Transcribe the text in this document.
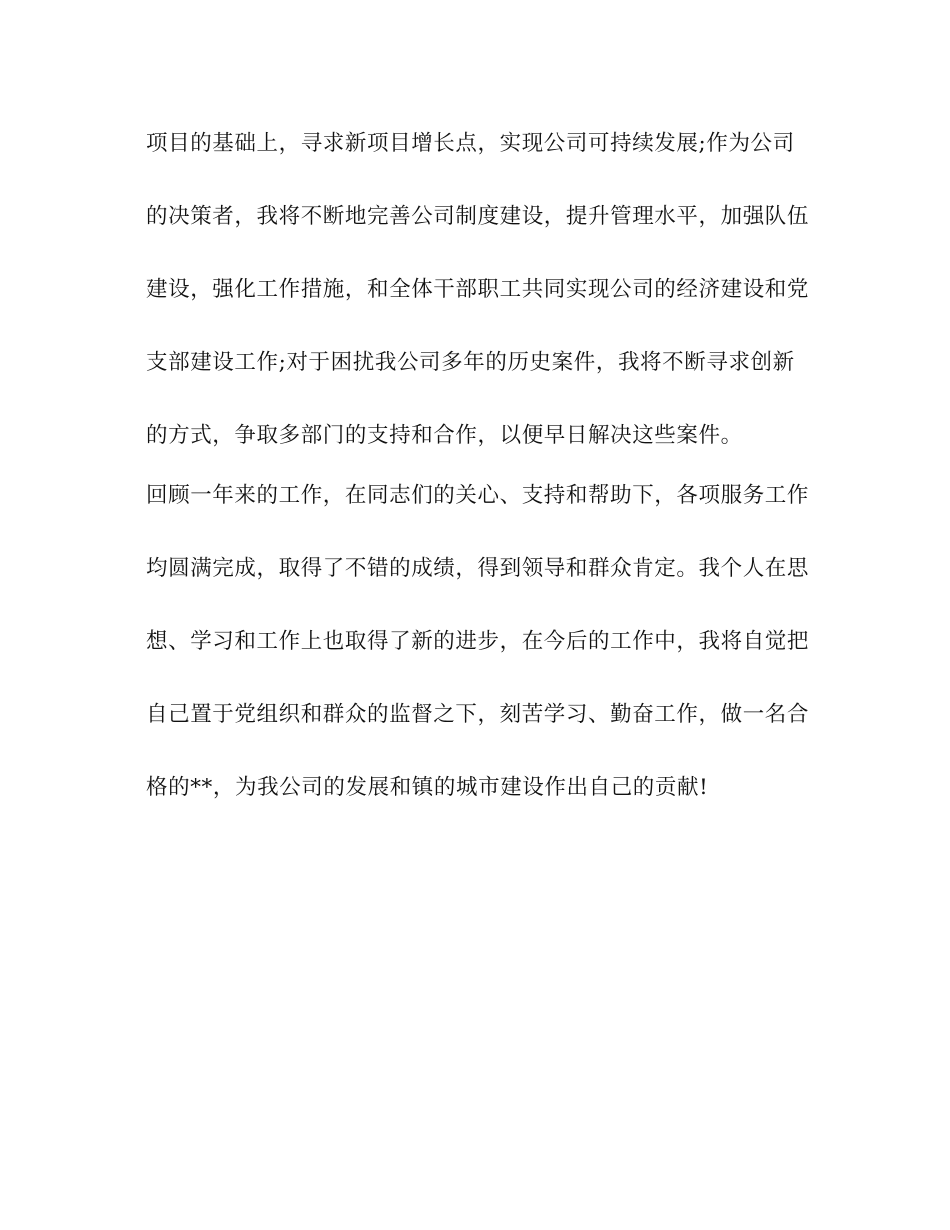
项目的基础上，寻求新项目增长点，实现公司可持续发展;作为公司
的决策者，我将不断地完善公司制度建设，提升管理水平，加强队伍
建设，强化工作措施，和全体干部职工共同实现公司的经济建设和党
支部建设工作;对于困扰我公司多年的历史案件，我将不断寻求创新
的方式，争取多部门的支持和合作，以便早日解决这些案件。
回顾一年来的工作，在同志们的关心、支持和帮助下，各项服务工作
均圆满完成，取得了不错的成绩，得到领导和群众肯定。我个人在思
想、学习和工作上也取得了新的进步，在今后的工作中，我将自觉把
自己置于党组织和群众的监督之下，刻苦学习、勤奋工作，做一名合
格的**，为我公司的发展和镇的城市建设作出自己的贡献!
